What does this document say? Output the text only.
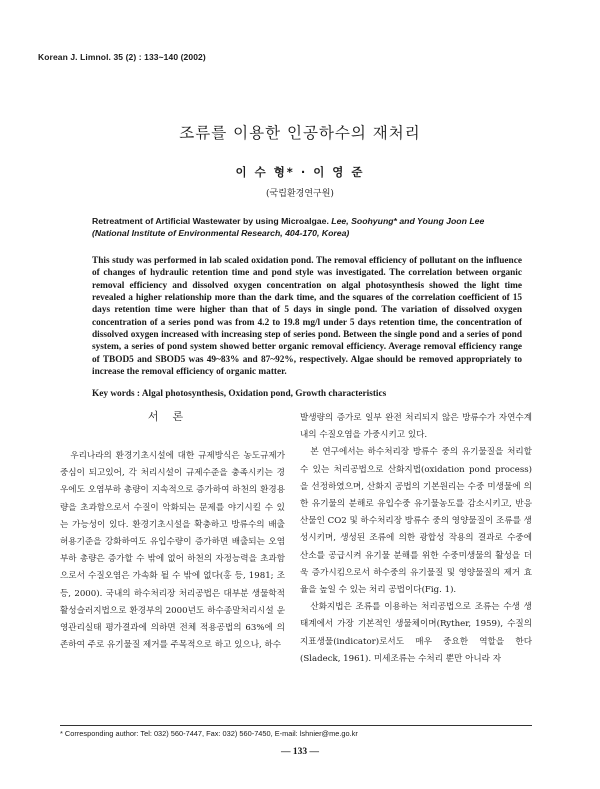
Korean J. Limnol. 35 (2) : 133~140 (2002)
조류를 이용한 인공하수의 재처리
이 수 형* · 이 영 준
(국립환경연구원)
Retreatment of Artificial Wastewater by using Microalgae. Lee, Soohyung* and Young Joon Lee (National Institute of Environmental Research, 404-170, Korea)
This study was performed in lab scaled oxidation pond. The removal efficiency of pollutant on the influence of changes of hydraulic retention time and pond style was investigated. The correlation between organic removal efficiency and dissolved oxygen concentration on algal photosynthesis showed the light time revealed a higher relationship more than the dark time, and the squares of the correlation coefficient of 15 days retention time were higher than that of 5 days in single pond. The variation of dissolved oxygen concentration of a series pond was from 4.2 to 19.8 mg/l under 5 days retention time, the concentration of dissolved oxygen increased with increasing step of series pond. Between the single pond and a series of pond system, a series of pond system showed better organic removal efficiency. Average removal efficiency range of TBOD5 and SBOD5 was 49~83% and 87~92%, respectively. Algae should be removed appropriately to increase the removal efficiency of organic matter.
Key words : Algal photosynthesis, Oxidation pond, Growth characteristics
서론

우리나라의 환경기초시설에 대한 규제방식은 농도규제가 중심이 되고있어, 각 처리시설이 규제수준을 충족시키는 경우에도 오염부하 총량이 지속적으로 증가하여 하천의 환경용량을 초과함으로서 수질이 악화되는 문제를 야기시킬 수 있는 가능성이 있다. 환경기초시설을 확충하고 방류수의 배출허용기준을 강화하여도 유입수량이 증가하면 배출되는 오염부하 총량은 증가할 수 밖에 없어 하천의 자정능력을 초과함으로서 수질오염은 가속화 될 수 밖에 없다(홍 등, 1981; 조 등, 2000). 국내의 하수처리장 처리공법은 대부분 생물학적 활성슬러지법으로 환경부의 2000년도 하수종말처리시설 운영관리실태 평가결과에 의하면 전체 적용공법의 63%에 의존하여 주로 유기물질 제거를 주목적으로 하고 있으나, 하수

발생량의 증가로 일부 완전 처리되지 않은 방류수가 자연수계 내의 수질오염을 가중시키고 있다.

본 연구에서는 하수처리장 방류수 중의 유기물질을 처리할 수 있는 처리공법으로 산화지법(oxidation pond process)을 선정하였으며, 산화지 공법의 기본원리는 수중 미생물에 의한 유기물의 분해로 유입수중 유기물농도를 감소시키고, 반응산물인 CO2 및 하수처리장 방류수 중의 영양물질이 조류를 생성시키며, 생성된 조류에 의한 광합성 작용의 결과로 수중에 산소를 공급시켜 유기물 분해를 위한 수중미생물의 활성을 더욱 증가시킴으로서 하수중의 유기물질 및 영양물질의 제거 효율을 높일 수 있는 처리 공법이다(Fig. 1).

산화지법은 조류를 이용하는 처리공법으로 조류는 수생 생태계에서 가장 기본적인 생물체이며(Ryther, 1959), 수질의 지표생물(indicator)로서도 매우 중요한 역할을 한다(Sladeck, 1961). 미세조류는 수처리 뿐만 아니라 자

* Corresponding author: Tel: 032) 560-7447, Fax: 032) 560-7450, E-mail: lshnier@me.go.kr
— 133 —
